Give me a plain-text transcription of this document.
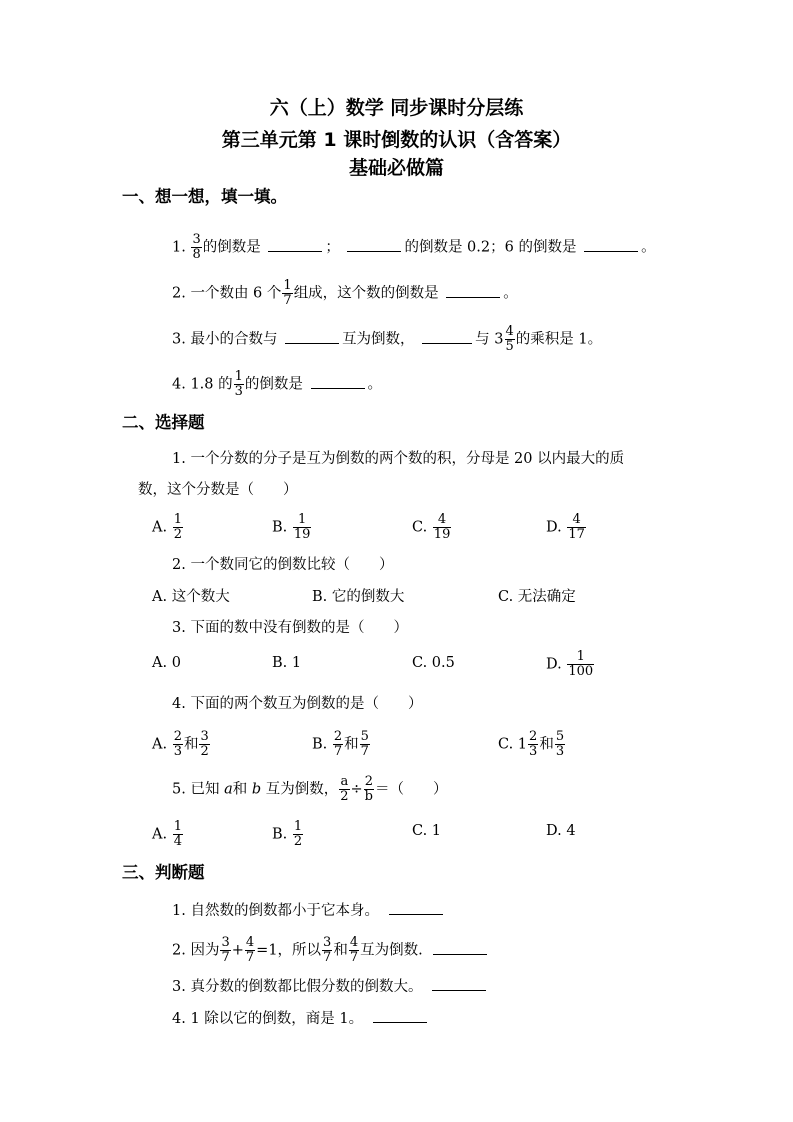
六（上）数学 同步课时分层练
第三单元第 1 课时倒数的认识（含答案）
基础必做篇
一、想一想，填一填。
1. $\frac{3}{8}$ 的倒数是	；	的倒数是 0.2；6 的倒数是	。
2. 一个数由 6 个 $\frac{1}{7}$ 组成，这个数的倒数是	。
3. 最小的合数与	互为倒数，	与 $3 \frac{4}{5}$ 的乘积是 1。
4. 1.8 的 $\frac{1}{3}$ 的倒数是	。
二、选择题
1. 一个分数的分子是互为倒数的两个数的积，分母是 20 以内最大的质
数，这个分数是（　　）
A. $\frac{1}{2}$	B. $\frac{1}{19}$	C. $\frac{4}{19}$	D. $\frac{4}{17}$
2. 一个数同它的倒数比较（　　）
A. 这个数大	B. 它的倒数大	C. 无法确定
3. 下面的数中没有倒数的是（　　）
A. 0	B. 1	C. 0.5	D. $\frac{1}{100}$
4. 下面的两个数互为倒数的是（　　）
A. $\frac{2}{3}$ 和 $\frac{3}{2}$	B. $\frac{2}{7}$ 和 $\frac{5}{7}$	C. $1 \frac{2}{3}$ 和 $\frac{5}{3}$
5. 已知 a和 b 互为倒数， $\frac{a}{2} \div \frac{2}{b}$ ＝（　　）
A. $\frac{1}{4}$	B. $\frac{1}{2}$	C. 1	D. 4
三、判断题
1. 自然数的倒数都小于它本身。
2. 因为 $\frac{3}{7} + \frac{4}{7} =1$，所以 $\frac{3}{7}$ 和 $\frac{4}{7}$ 互为倒数.
3. 真分数的倒数都比假分数的倒数大。
4. 1 除以它的倒数，商是 1。
